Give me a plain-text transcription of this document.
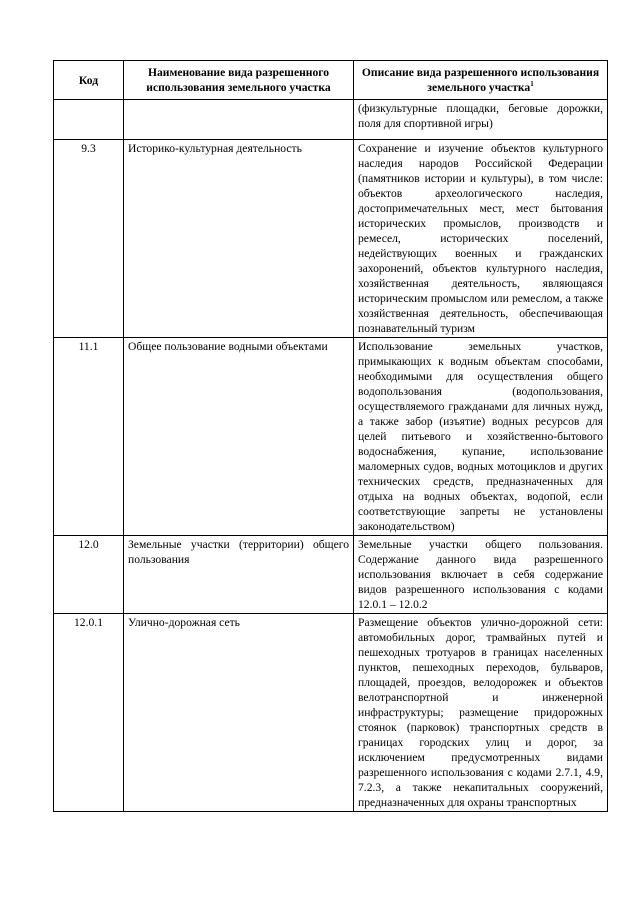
Код	Наименование вида разрешенного использования земельного участка	Описание вида разрешенного использования земельного участка$^1$
		(физкультурные площадки, беговые дорожки, поля для спортивной игры)
9.3	Историко-культурная деятельность	Сохранение и изучение объектов культурного наследия народов Российской Федерации (памятников истории и культуры), в том числе: объектов археологического наследия, достопримечательных мест, мест бытования исторических промыслов, производств и ремесел, исторических поселений, недействующих военных и гражданских захоронений, объектов культурного наследия, хозяйственная деятельность, являющаяся историческим промыслом или ремеслом, а также хозяйственная деятельность, обеспечивающая познавательный туризм
11.1	Общее пользование водными объектами	Использование земельных участков, примыкающих к водным объектам способами, необходимыми для осуществления общего водопользования (водопользования, осуществляемого гражданами для личных нужд, а также забор (изъятие) водных ресурсов для целей питьевого и хозяйственно-бытового водоснабжения, купание, использование маломерных судов, водных мотоциклов и других технических средств, предназначенных для отдыха на водных объектах, водопой, если соответствующие запреты не установлены законодательством)
12.0	Земельные участки (территории) общего пользования	Земельные участки общего пользования. Содержание данного вида разрешенного использования включает в себя содержание видов разрешенного использования с кодами 12.0.1 – 12.0.2
12.0.1	Улично-дорожная сеть	Размещение объектов улично-дорожной сети: автомобильных дорог, трамвайных путей и пешеходных тротуаров в границах населенных пунктов, пешеходных переходов, бульваров, площадей, проездов, велодорожек и объектов велотранспортной и инженерной инфраструктуры; размещение придорожных стоянок (парковок) транспортных средств в границах городских улиц и дорог, за исключением предусмотренных видами разрешенного использования с кодами 2.7.1, 4.9, 7.2.3, а также некапитальных сооружений, предназначенных для охраны транспортных
